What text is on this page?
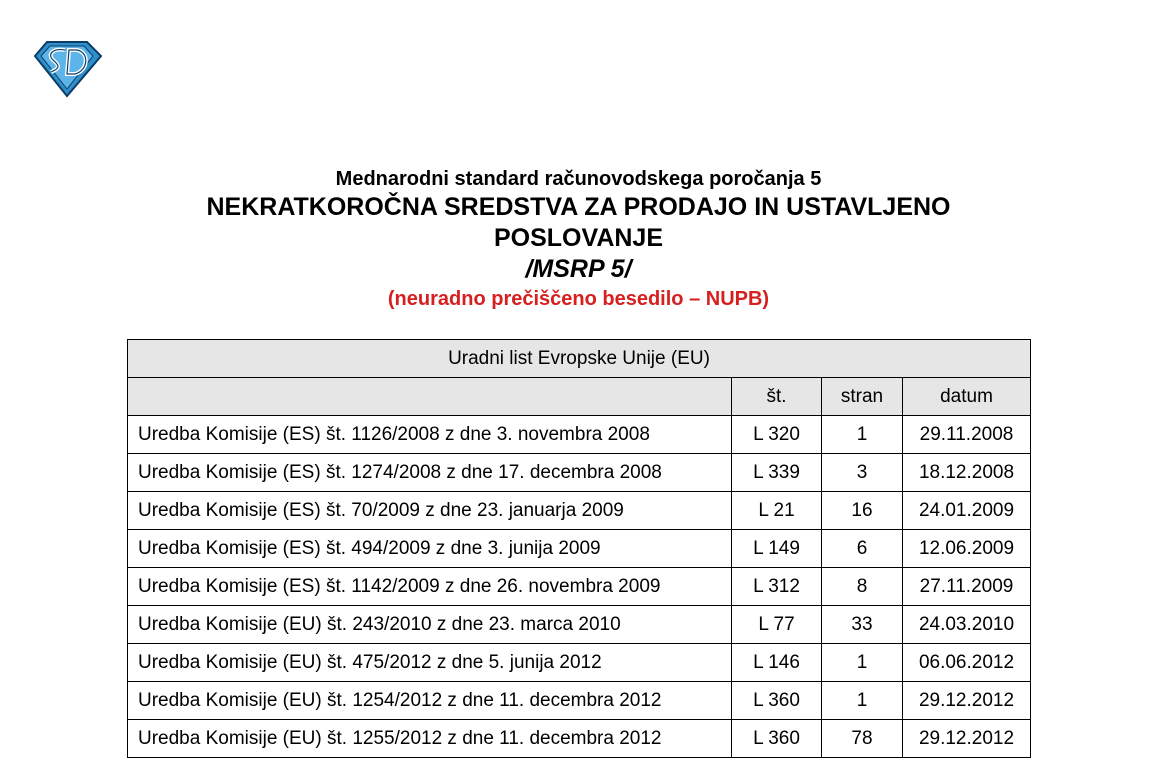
Mednarodni standard računovodskega poročanja 5
NEKRATKOROČNA SREDSTVA ZA PRODAJO IN USTAVLJENO POSLOVANJE
/MSRP 5/
(neuradno prečiščeno besedilo – NUPB)
Uradni list Evropske Unije (EU)			
	št.	stran	datum
Uredba Komisije (ES) št. 1126/2008 z dne 3. novembra 2008	L 320	1	29.11.2008
Uredba Komisije (ES) št. 1274/2008 z dne 17. decembra 2008	L 339	3	18.12.2008
Uredba Komisije (ES) št. 70/2009 z dne 23. januarja 2009	L 21	16	24.01.2009
Uredba Komisije (ES) št. 494/2009 z dne 3. junija 2009	L 149	6	12.06.2009
Uredba Komisije (ES) št. 1142/2009 z dne 26. novembra 2009	L 312	8	27.11.2009
Uredba Komisije (EU) št. 243/2010 z dne 23. marca 2010	L 77	33	24.03.2010
Uredba Komisije (EU) št. 475/2012 z dne 5. junija 2012	L 146	1	06.06.2012
Uredba Komisije (EU) št. 1254/2012 z dne 11. decembra 2012	L 360	1	29.12.2012
Uredba Komisije (EU) št. 1255/2012 z dne 11. decembra 2012	L 360	78	29.12.2012
